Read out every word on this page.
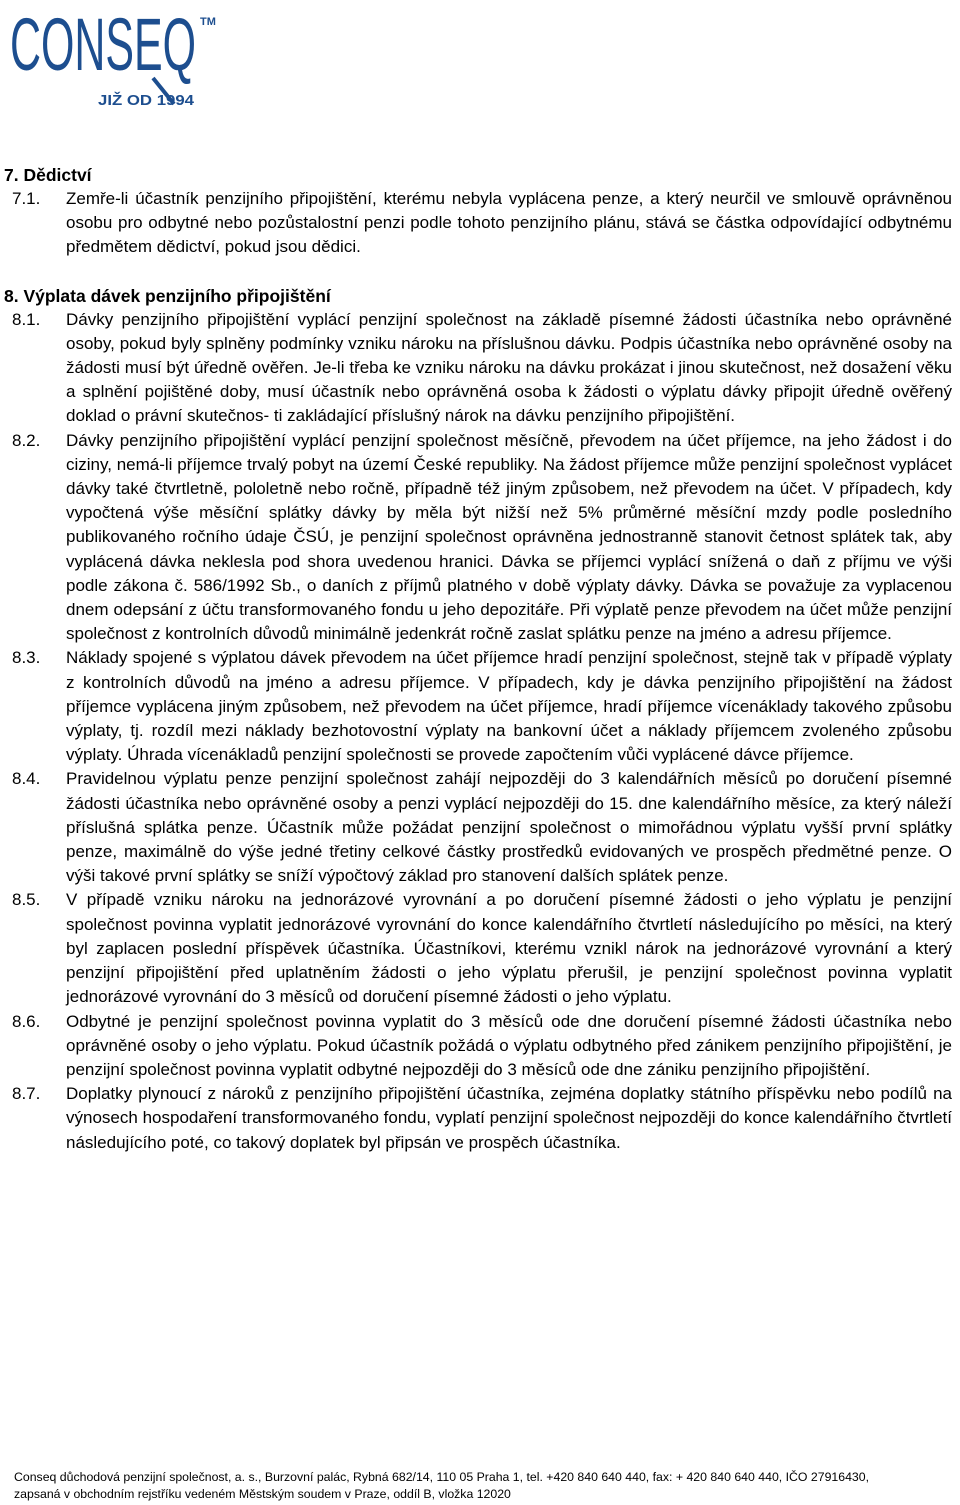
CONSEQ TM
JIŽ OD 1994
7. Dědictví
7.1.	Zemře-li účastník penzijního připojištění, kterému nebyla vyplácena penze, a který neurčil ve smlouvě oprávněnou osobu pro odbytné nebo pozůstalostní penzi podle tohoto penzijního plánu, stává se částka odpovídající odbytnému předmětem dědictví, pokud jsou dědici.
8. Výplata dávek penzijního připojištění
8.1.	Dávky penzijního připojištění vyplácí penzijní společnost na základě písemné žádosti účastníka nebo oprávněné osoby, pokud byly splněny podmínky vzniku nároku na příslušnou dávku. Podpis účastníka nebo oprávněné osoby na žádosti musí být úředně ověřen. Je-li třeba ke vzniku nároku na dávku prokázat i jinou skutečnost, než dosažení věku a splnění pojištěné doby, musí účastník nebo oprávněná osoba k žádosti o výplatu dávky připojit úředně ověřený doklad o právní skutečnos- ti zakládající příslušný nárok na dávku penzijního připojištění.
8.2.	Dávky penzijního připojištění vyplácí penzijní společnost měsíčně, převodem na účet příjemce, na jeho žádost i do ciziny, nemá-li příjemce trvalý pobyt na území České republiky. Na žádost příjemce může penzijní společnost vyplácet dávky také čtvrtletně, pololetně nebo ročně, případně též jiným způsobem, než převodem na účet. V případech, kdy vypočtená výše měsíční splátky dávky by měla být nižší než 5% průměrné měsíční mzdy podle posledního publikovaného ročního údaje ČSÚ, je penzijní společnost oprávněna jednostranně stanovit četnost splátek tak, aby vyplácená dávka neklesla pod shora uvedenou hranici. Dávka se příjemci vyplácí snížená o daň z příjmu ve výši podle zákona č. 586/1992 Sb., o daních z příjmů platného v době výplaty dávky. Dávka se považuje za vyplacenou dnem odepsání z účtu transformovaného fondu u jeho depozitáře. Při výplatě penze převodem na účet může penzijní společnost z kontrolních důvodů minimálně jedenkrát ročně zaslat splátku penze na jméno a adresu příjemce.
8.3.	Náklady spojené s výplatou dávek převodem na účet příjemce hradí penzijní společnost, stejně tak v případě výplaty z kontrolních důvodů na jméno a adresu příjemce. V případech, kdy je dávka penzijního připojištění na žádost příjemce vyplácena jiným způsobem, než převodem na účet příjemce, hradí příjemce vícenáklady takového způsobu výplaty, tj. rozdíl mezi náklady bezhotovostní výplaty na bankovní účet a náklady příjemcem zvoleného způsobu výplaty. Úhrada vícenákladů penzijní společnosti se provede započtením vůči vyplácené dávce příjemce.
8.4.	Pravidelnou výplatu penze penzijní společnost zahájí nejpozději do 3 kalendářních měsíců po doručení písemné žádosti účastníka nebo oprávněné osoby a penzi vyplácí nejpozději do 15. dne kalendářního měsíce, za který náleží příslušná splátka penze. Účastník může požádat penzijní společnost o mimořádnou výplatu vyšší první splátky penze, maximálně do výše jedné třetiny celkové částky prostředků evidovaných ve prospěch předmětné penze. O výši takové první splátky se sníží výpočtový základ pro stanovení dalších splátek penze.
8.5.	V případě vzniku nároku na jednorázové vyrovnání a po doručení písemné žádosti o jeho výplatu je penzijní společnost povinna vyplatit jednorázové vyrovnání do konce kalendářního čtvrtletí následujícího po měsíci, na který byl zaplacen poslední příspěvek účastníka. Účastníkovi, kterému vznikl nárok na jednorázové vyrovnání a který penzijní připojištění před uplatněním žádosti o jeho výplatu přerušil, je penzijní společnost povinna vyplatit jednorázové vyrovnání do 3 měsíců od doručení písemné žádosti o jeho výplatu.
8.6.	Odbytné je penzijní společnost povinna vyplatit do 3 měsíců ode dne doručení písemné žádosti účastníka nebo oprávněné osoby o jeho výplatu. Pokud účastník požádá o výplatu odbytného před zánikem penzijního připojištění, je penzijní společnost povinna vyplatit odbytné nejpozději do 3 měsíců ode dne zániku penzijního připojištění.
8.7.	Doplatky plynoucí z nároků z penzijního připojištění účastníka, zejména doplatky státního příspěvku nebo podílů na výnosech hospodaření transformovaného fondu, vyplatí penzijní společnost nejpozději do konce kalendářního čtvrtletí následujícího poté, co takový doplatek byl připsán ve prospěch účastníka.
Conseq důchodová penzijní společnost, a. s., Burzovní palác, Rybná 682/14, 110 05 Praha 1, tel. +420 840 640 440, fax: + 420 840 640 440, IČO 27916430,
zapsaná v obchodním rejstříku vedeném Městským soudem v Praze, oddíl B, vložka 12020
